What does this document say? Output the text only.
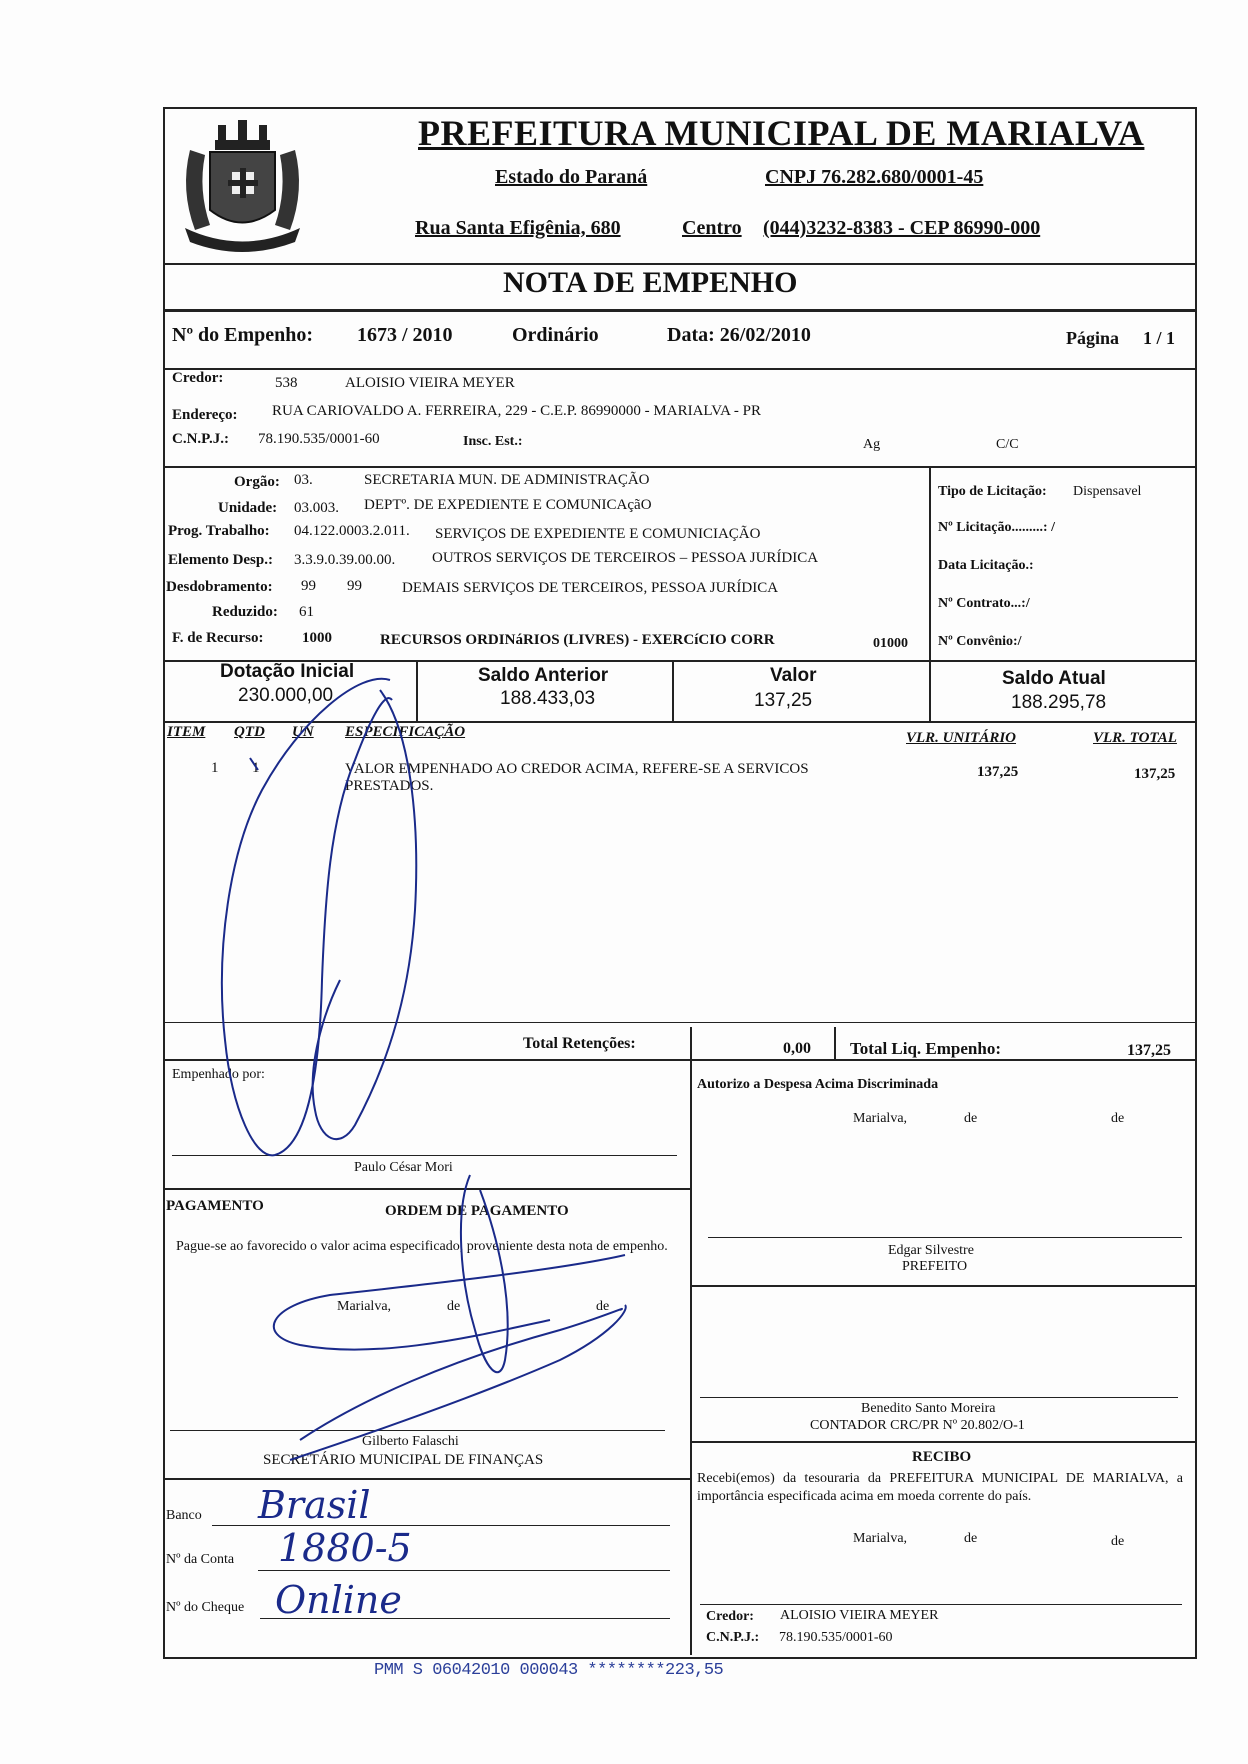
PREFEITURA MUNICIPAL DE MARIALVA
Estado do Paraná	CNPJ 76.282.680/0001-45
Rua Santa Efigênia, 680	Centro (044)3232-8383 - CEP 86990-000
NOTA DE EMPENHO
Nº do Empenho: 1673 / 2010	Ordinário	Data: 26/02/2010	Página 1 / 1
Credor:	538	ALOISIO VIEIRA MEYER
Endereço: RUA CARIOVALDO A. FERREIRA, 229 - C.E.P. 86990000 - MARIALVA - PR
C.N.P.J.: 78.190.535/0001-60	Insc. Est.:	Ag	C/C
Orgão: 03.	SECRETARIA MUN. DE ADMINISTRAÇÃO
Unidade: 03.003. DEPTº. DE EXPEDIENTE E COMUNICAçãO
Prog. Trabalho: 04.122.0003.2.011. SERVIÇOS DE EXPEDIENTE E COMUNICIAÇÃO
Elemento Desp.: 3.3.9.0.39.00.00. OUTROS SERVIÇOS DE TERCEIROS – PESSOA JURÍDICA
Desdobramento: 99 99	DEMAIS SERVIÇOS DE TERCEIROS, PESSOA JURÍDICA
Reduzido: 61
F. de Recurso:	1000	RECURSOS ORDINáRIOS (LIVRES) - EXERCíCIO CORR	01000
Tipo de Licitação: Dispensavel
Nº Licitação.........: /
Data Licitação.:
Nº Contrato...:/
Nº Convênio:/
Dotação Inicial
230.000,00
Saldo Anterior
188.433,03
Valor
137,25
Saldo Atual
188.295,78
ITEM QTD UN ESPECIFICAÇÃO	VLR. UNITÁRIO	VLR. TOTAL
1 1	VALOR EMPENHADO AO CREDOR ACIMA, REFERE-SE A SERVICOS
PRESTADOS.
137,25	137,25
Total Retenções:	0,00 Total Liq. Empenho:	137,25
Empenhado por:
Paulo César Mori
PAGAMENTO	ORDEM DE PAGAMENTO
Pague-se ao favorecido o valor acima especificado, proveniente desta nota de empenho.
Marialva,	de	de
Gilberto Falaschi
SECRETÁRIO MUNICIPAL DE FINANÇAS
Banco Brasil
Nº da Conta 1880-5
Nº do Cheque Online
Autorizo a Despesa Acima Discriminada
Marialva,	de	de
Edgar Silvestre
PREFEITO
Benedito Santo Moreira
CONTADOR CRC/PR Nº 20.802/O-1
RECIBO
Recebi(emos) da tesouraria da PREFEITURA MUNICIPAL DE MARIALVA, a importância especificada acima em moeda corrente do país.
Marialva,	de	de
Credor: ALOISIO VIEIRA MEYER
C.N.P.J.: 78.190.535/0001-60
PMM S 06042010 000043 ********223,55
